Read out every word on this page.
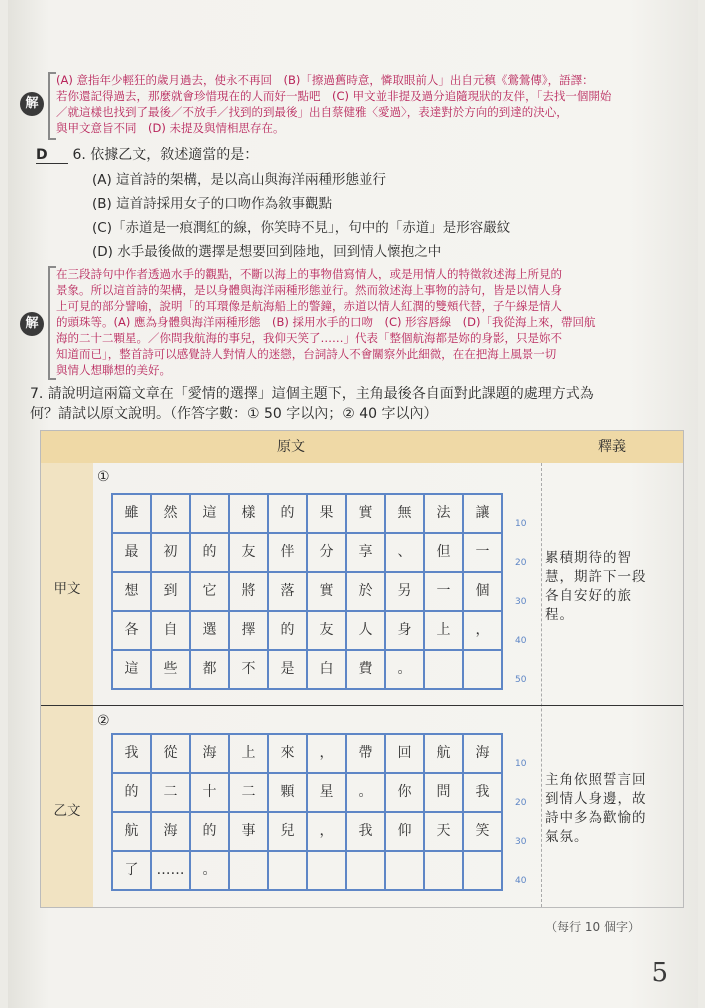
解
(A) 意指年少輕狂的歲月過去，使永不再回　(B)「擦過舊時意，憐取眼前人」出自元稹《鶯鶯傳》，語譯：
若你還記得過去，那麼就會珍惜現在的人而好一點吧　(C) 甲文並非提及過分追隨現狀的友伴，「去找一個開始
／就這樣也找到了最後／不放手／找到的到最後」出自蔡健雅〈愛過〉，表達對於方向的到達的決心，
與甲文意旨不同　(D) 未提及與情相思存在。
D 6. 依據乙文，敘述適當的是：
(A) 這首詩的架構，是以高山與海洋兩種形態並行
(B) 這首詩採用女子的口吻作為敘事觀點
(C)「赤道是一痕潤紅的線，你笑時不見」，句中的「赤道」是形容嚴紋
(D) 水手最後做的選擇是想要回到陸地，回到情人懷抱之中
解
在三段詩句中作者透過水手的觀點，不斷以海上的事物借寫情人，或是用情人的特徵敘述海上所見的
景象。所以這首詩的架構，是以身體與海洋兩種形態並行。然而敘述海上事物的詩句，皆是以情人身
上可見的部分譬喻，說明「的耳環像是航海船上的警鐘，赤道以情人紅潤的雙頰代替，子午線是情人
的頭珠等。(A) 應為身體與海洋兩種形態　(B) 採用水手的口吻　(C) 形容唇線　(D)「我從海上來，帶回航
海的二十二顆星。／你問我航海的事兒，我仰天笑了……」代表「整個航海都是妳的身影，只是妳不
知道而已」，整首詩可以感覺詩人對情人的迷戀，台詞詩人不會關察外此細微，在在把海上風景一切
與情人想聯想的美好。
7. 請說明這兩篇文章在「愛情的選擇」這個主題下，主角最後各自面對此課題的處理方式為
何？請試以原文說明。（作答字數：① 50 字以內；② 40 字以內）
原文	釋義
甲文
①
雖	然	這	樣	的	果	實	無	法	讓
最	初	的	友	伴	分	享	、	但	一
想	到	它	將	落	實	於	另	一	個
各	自	選	擇	的	友	人	身	上	，
這	些	都	不	是	白	費	。
10
20
30
40
50
累積期待的智慧，期許下一段各自安好的旅程。
乙文
②
我	從	海	上	來	，	帶	回	航	海
的	二	十	二	顆	星	。	你	問	我
航	海	的	事	兒	，	我	仰	天	笑
了	……	。
10
20
30
40
主角依照誓言回到情人身邊，故詩中多為歡愉的氣氛。
（每行 10 個字）
5
